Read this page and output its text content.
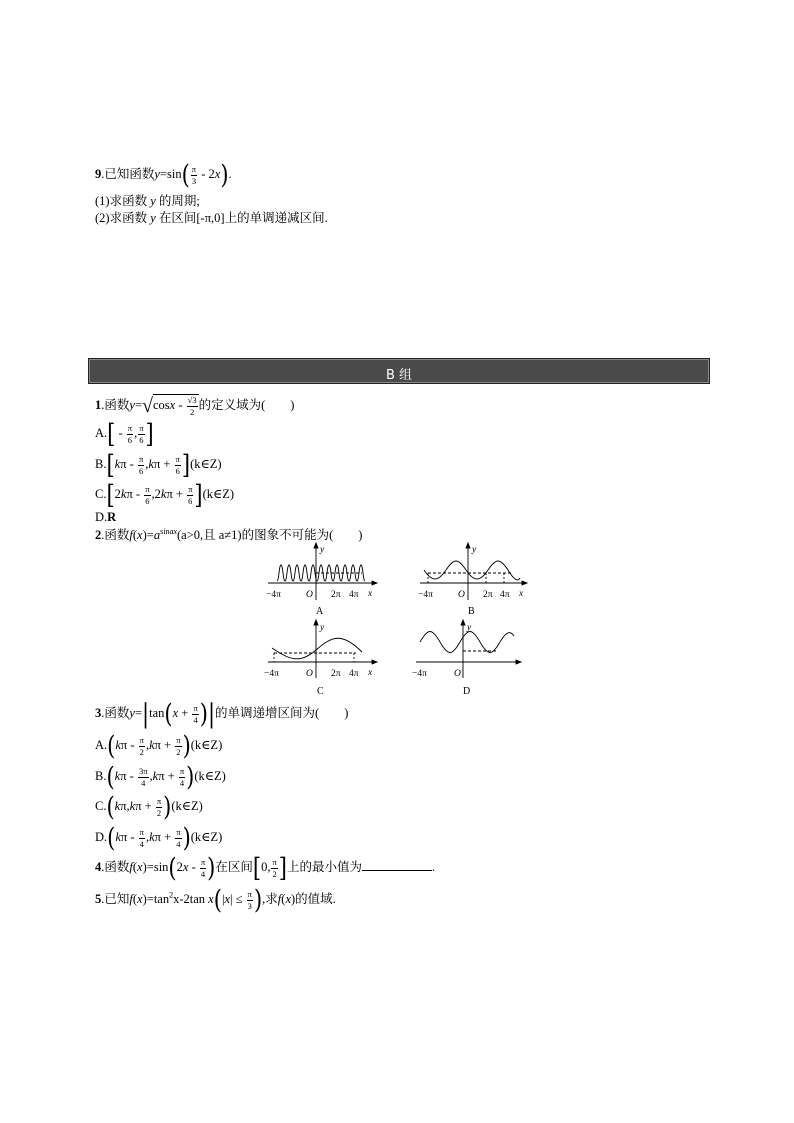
9.已知函数$y=\sin( \frac{\pi}{3} - 2x)$.
(1)求函数 y 的周期;
(2)求函数 y 在区间[-π,0]上的单调递减区间.
B 组
1.函数$y=√\cos x - \frac{√3}{2}$ 的定义域为(　　)
$A.[ - \frac{\pi}{6}$ , $\frac{\pi}{6}$ ]
$B.[k\pi - \frac{\pi}{6} ,k\pi + \frac{\pi}{6}$ ](k∈Z)
$C.[2k\pi - \frac{\pi}{6} ,2k\pi + \frac{\pi}{6}$ ](k∈Z)
D.R
2.函数$f(x)=a^{sinax}(a>0$,且 a≠1)的图象不可能为(　　)
−4π	O 2π 4π x
y
A
−4π	O 2π 4π x
y
B
−4π	O 2π 4π x
y
C
−4π	O
y
D
3.函数$y=|\tan(x + \frac{\pi}{4}$ )|的单调递增区间为(　　)
$A.(k\pi - \frac{\pi}{2} ,k\pi + \frac{\pi}{2}$ )(k∈Z)
$B.(k\pi - \frac{3\pi}{4} ,k\pi + \frac{\pi}{4}$ )(k∈Z)
$C.(k\pi,k\pi + \frac{\pi}{2}$ )(k∈Z)
$D.(k\pi - \frac{\pi}{4} ,k\pi + \frac{\pi}{4}$ )(k∈Z)
4.函数$f(x)=\sin(2x - \frac{\pi}{4}$ )在区间[0, $\frac{\pi}{2}$ ]上的最小值为	.
5.已知$f(x)=\tan^2x-2\tan$ $x(|x| \le \frac{\pi}{3}$ ),求f(x)的值域.
